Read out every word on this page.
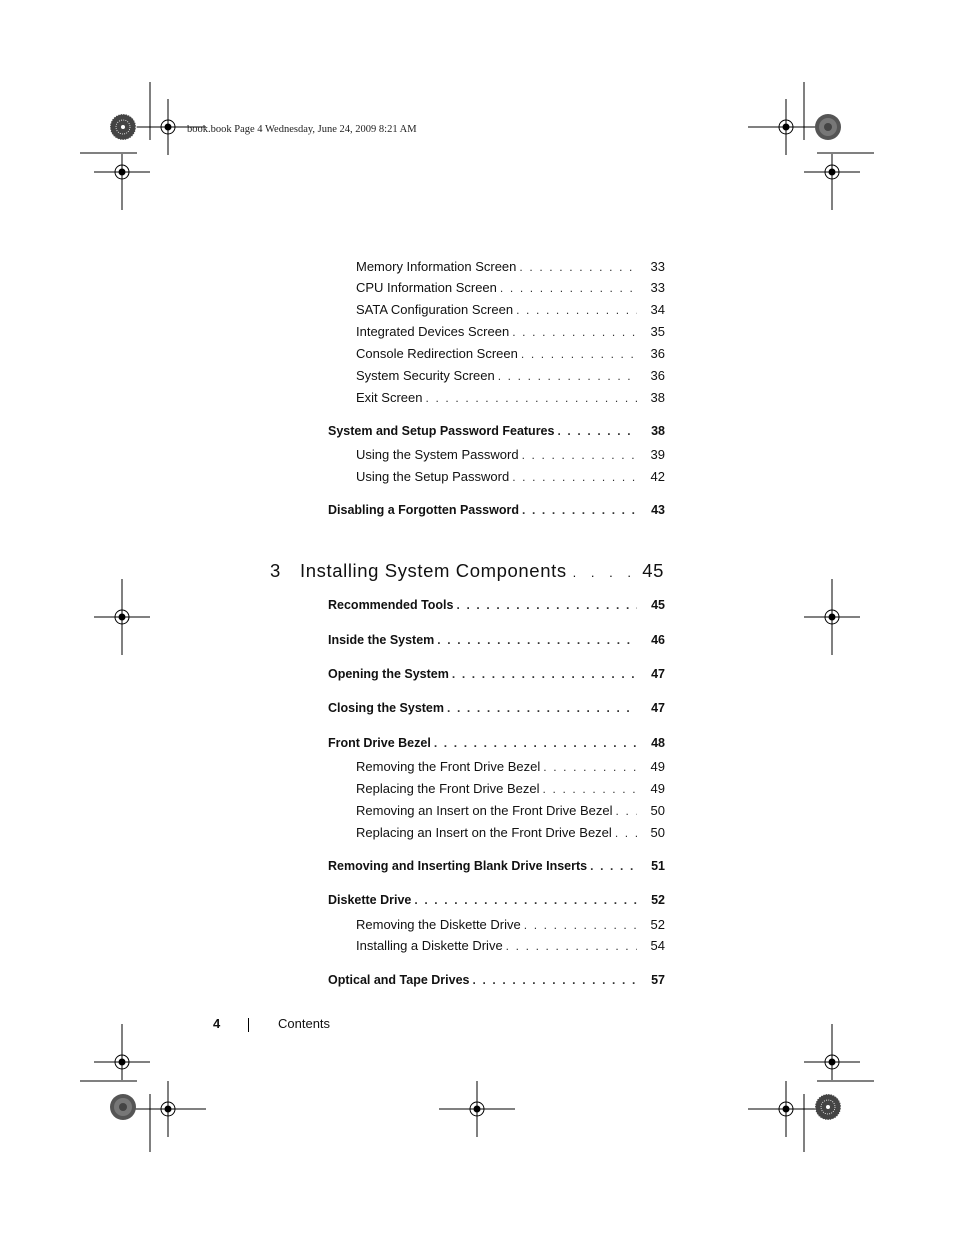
book.book Page 4 Wednesday, June 24, 2009 8:21 AM
Memory Information Screen . . .	33
CPU Information Screen . . .	33
SATA Configuration Screen . . .	34
Integrated Devices Screen . . .	35
Console Redirection Screen . . .	36
System Security Screen . . .	36
Exit Screen . . .	38
System and Setup Password Features . . .	38
Using the System Password . . .	39
Using the Setup Password . . .	42
Disabling a Forgotten Password . . .	43
3	Installing System Components . . .	45
Recommended Tools . . .	45
Inside the System . . .	46
Opening the System . . .	47
Closing the System . . .	47
Front Drive Bezel . . .	48
Removing the Front Drive Bezel . . .	49
Replacing the Front Drive Bezel . . .	49
Removing an Insert on the Front Drive Bezel . . .	50
Replacing an Insert on the Front Drive Bezel . . .	50
Removing and Inserting Blank Drive Inserts . . .	51
Diskette Drive . . .	52
Removing the Diskette Drive . . .	52
Installing a Diskette Drive . . .	54
Optical and Tape Drives . . .	57
4	Contents
